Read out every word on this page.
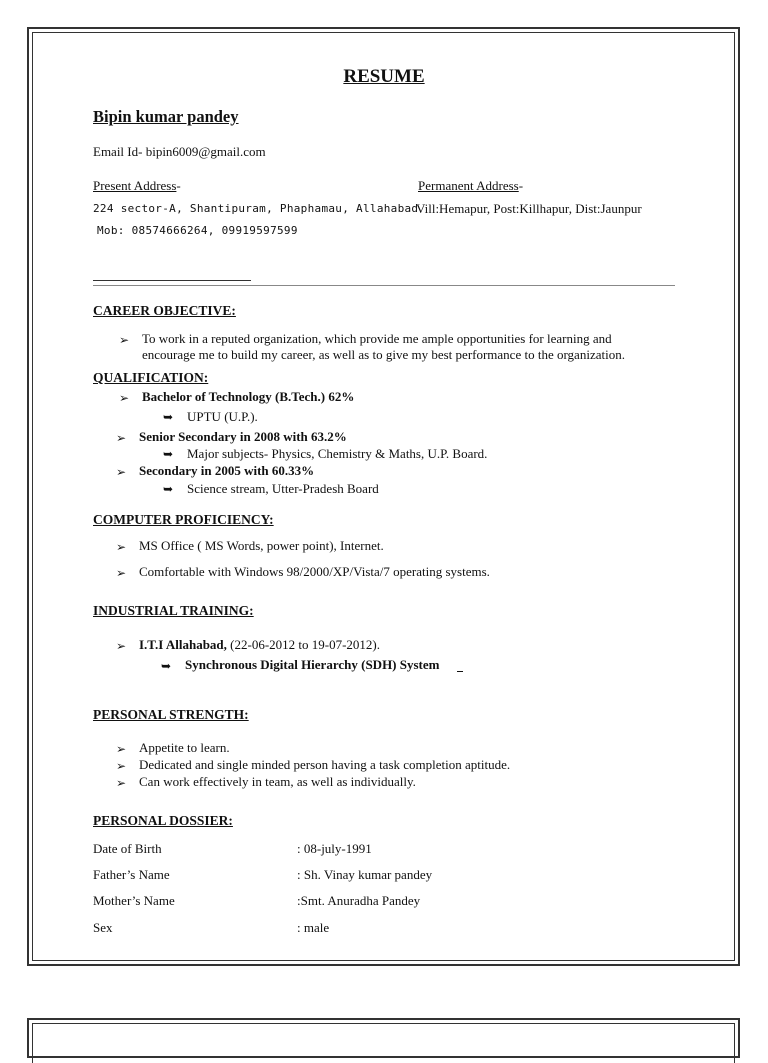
RESUME
Bipin kumar pandey
Email Id- bipin6009@gmail.com
Present Address-	Permanent Address-
224 sector-A, Shantipuram, Phaphamau, Allahabad
Vill:Hemapur, Post:Killhapur, Dist:Jaunpur
Mob: 08574666264, 09919597599
CAREER OBJECTIVE:
➢ To work in a reputed organization, which provide me ample opportunities for learning and
encourage me to build my career, as well as to give my best performance to the organization.
QUALIFICATION:
➢ Bachelor of Technology (B.Tech.) 62%
➥ UPTU (U.P.).
➢ Senior Secondary in 2008 with 63.2%
➥ Major subjects- Physics, Chemistry & Maths, U.P. Board.
➢ Secondary in 2005 with 60.33%
➥ Science stream, Utter-Pradesh Board
COMPUTER PROFICIENCY:
➢ MS Office ( MS Words, power point), Internet.
➢ Comfortable with Windows 98/2000/XP/Vista/7 operating systems.
INDUSTRIAL TRAINING:
➢ I.T.I Allahabad, (22-06-2012 to 19-07-2012).
➥ Synchronous Digital Hierarchy (SDH) System
PERSONAL STRENGTH:
➢ Appetite to learn.
➢ Dedicated and single minded person having a task completion aptitude.
➢ Can work effectively in team, as well as individually.
PERSONAL DOSSIER:
Date of Birth	: 08-july-1991
Father’s Name	: Sh. Vinay kumar pandey
Mother’s Name	:Smt. Anuradha Pandey
Sex	: male
